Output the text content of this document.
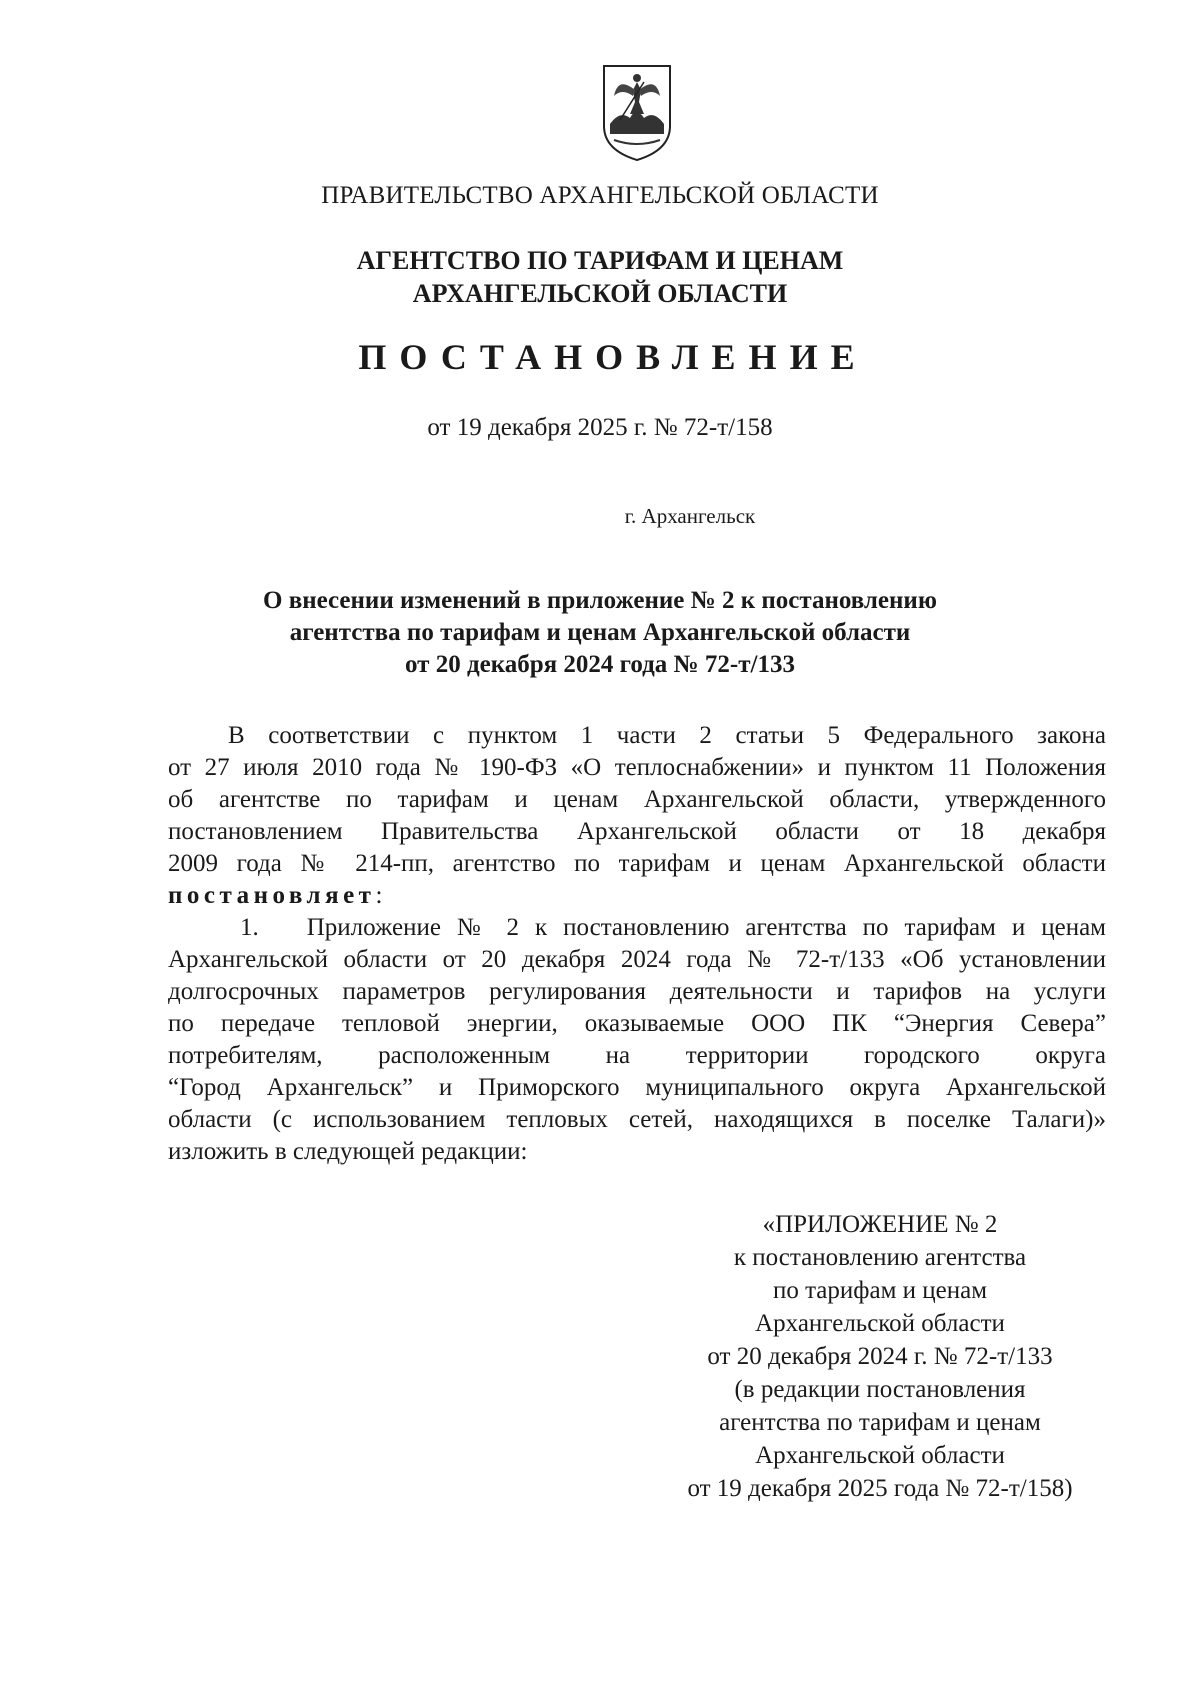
ПРАВИТЕЛЬСТВО АРХАНГЕЛЬСКОЙ ОБЛАСТИ
АГЕНТСТВО ПО ТАРИФАМ И ЦЕНАМ
АРХАНГЕЛЬСКОЙ ОБЛАСТИ
ПОСТАНОВЛЕНИЕ
от 19 декабря 2025 г. № 72-т/158
г. Архангельск
О внесении изменений в приложение № 2 к постановлению
агентства по тарифам и ценам Архангельской области
от 20 декабря 2024 года № 72-т/133
В соответствии с пунктом 1 части 2 статьи 5 Федерального закона
от 27 июля 2010 года № 190-ФЗ «О теплоснабжении» и пунктом 11 Положения
об агентстве по тарифам и ценам Архангельской области, утвержденного
постановлением Правительства Архангельской области от 18 декабря
2009 года № 214-пп, агентство по тарифам и ценам Архангельской области
постановляет:
1. Приложение № 2 к постановлению агентства по тарифам и ценам
Архангельской области от 20 декабря 2024 года № 72-т/133 «Об установлении
долгосрочных параметров регулирования деятельности и тарифов на услуги
по передаче тепловой энергии, оказываемые ООО ПК “Энергия Севера”
потребителям, расположенным на территории городского округа
“Город Архангельск” и Приморского муниципального округа Архангельской
области (с использованием тепловых сетей, находящихся в поселке Талаги)»
изложить в следующей редакции:
«ПРИЛОЖЕНИЕ № 2
к постановлению агентства
по тарифам и ценам
Архангельской области
от 20 декабря 2024 г. № 72-т/133
(в редакции постановления
агентства по тарифам и ценам
Архангельской области
от 19 декабря 2025 года № 72-т/158)
